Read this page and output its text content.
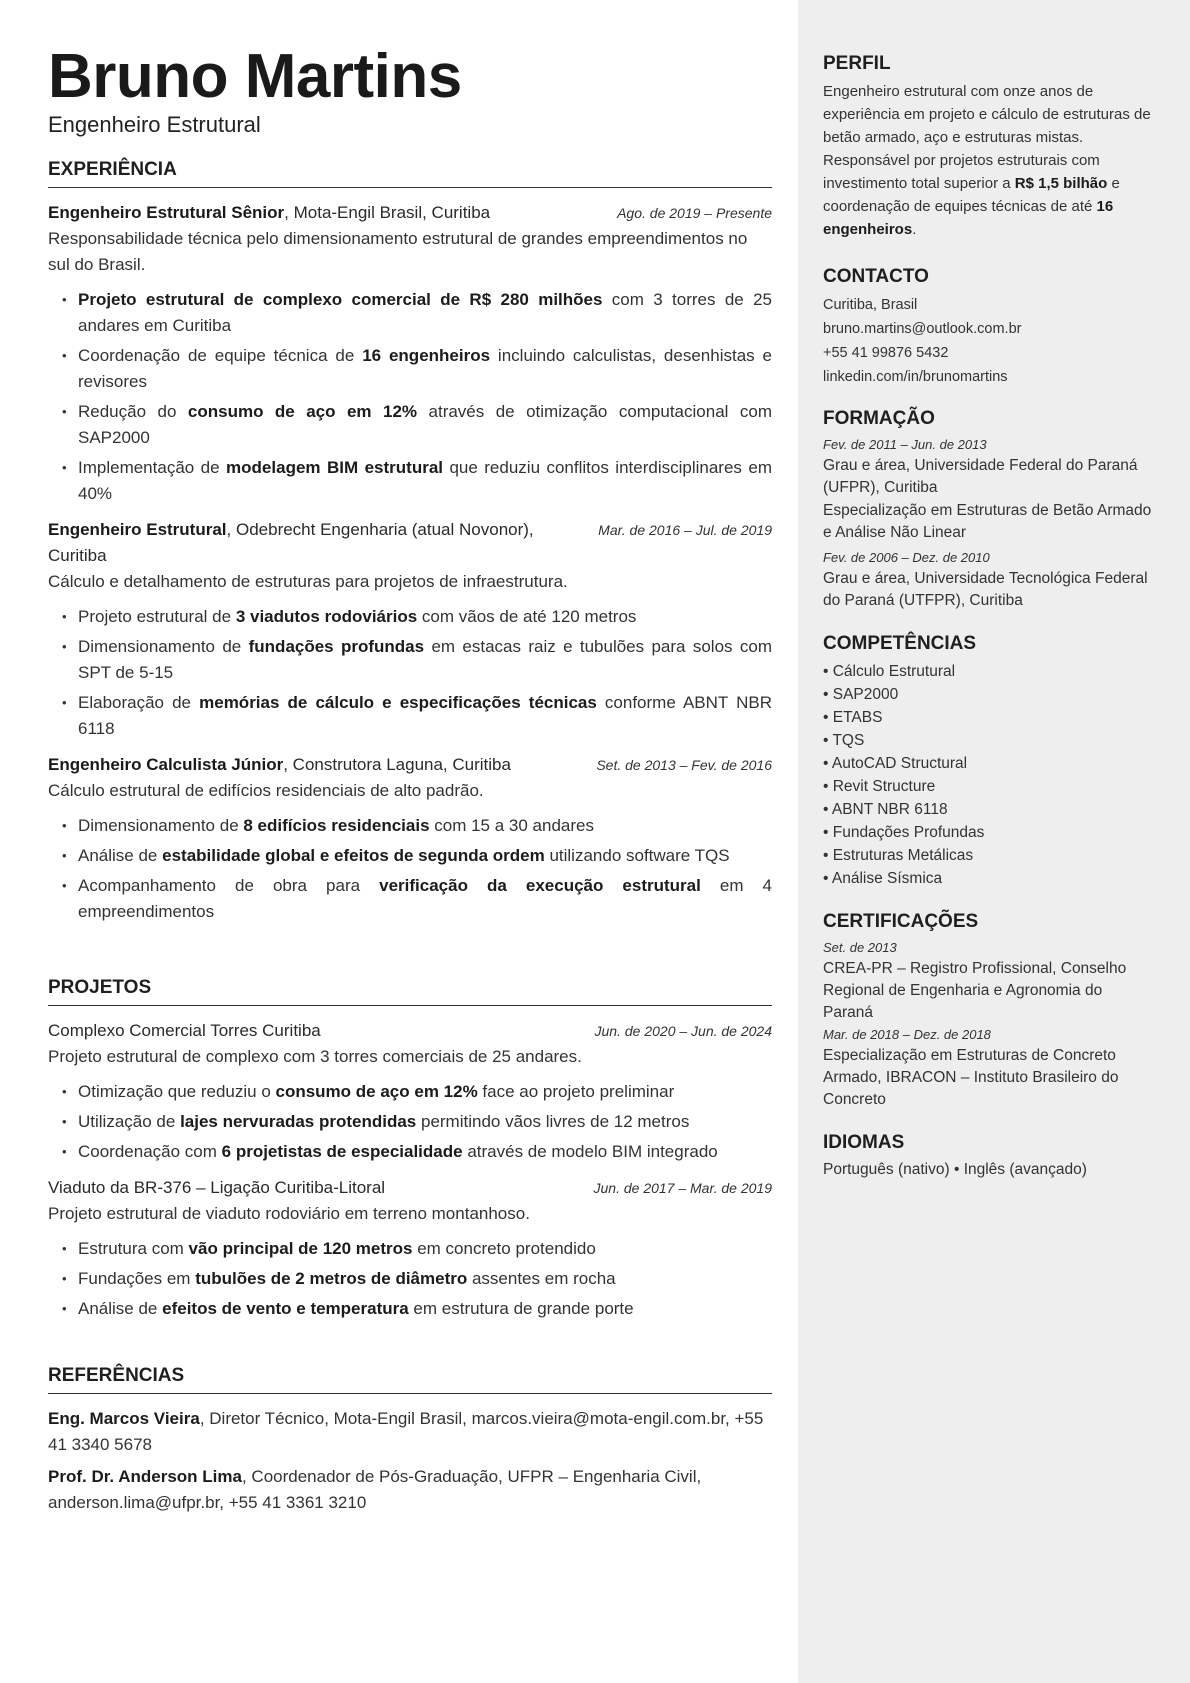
Bruno Martins
Engenheiro Estrutural
EXPERIÊNCIA
Engenheiro Estrutural Sênior, Mota-Engil Brasil, Curitiba	Ago. de 2019 – Presente
Responsabilidade técnica pelo dimensionamento estrutural de grandes empreendimentos no sul do Brasil.
• Projeto estrutural de complexo comercial de R$ 280 milhões com 3 torres de 25 andares em Curitiba
• Coordenação de equipe técnica de 16 engenheiros incluindo calculistas, desenhistas e revisores
• Redução do consumo de aço em 12% através de otimização computacional com SAP2000
• Implementação de modelagem BIM estrutural que reduziu conflitos interdisciplinares em 40%
Engenheiro Estrutural, Odebrecht Engenharia (atual Novonor), Curitiba
Mar. de 2016 – Jul. de 2019
Cálculo e detalhamento de estruturas para projetos de infraestrutura.
• Projeto estrutural de 3 viadutos rodoviários com vãos de até 120 metros
• Dimensionamento de fundações profundas em estacas raiz e tubulões para solos com SPT de 5-15
• Elaboração de memórias de cálculo e especificações técnicas conforme ABNT NBR 6118
Engenheiro Calculista Júnior, Construtora Laguna, Curitiba	Set. de 2013 – Fev. de 2016
Cálculo estrutural de edifícios residenciais de alto padrão.
• Dimensionamento de 8 edifícios residenciais com 15 a 30 andares
• Análise de estabilidade global e efeitos de segunda ordem utilizando software TQS
• Acompanhamento de obra para verificação da execução estrutural em 4 empreendimentos
PROJETOS
Complexo Comercial Torres Curitiba	Jun. de 2020 – Jun. de 2024
Projeto estrutural de complexo com 3 torres comerciais de 25 andares.
• Otimização que reduziu o consumo de aço em 12% face ao projeto preliminar
• Utilização de lajes nervuradas protendidas permitindo vãos livres de 12 metros
• Coordenação com 6 projetistas de especialidade através de modelo BIM integrado
Viaduto da BR-376 – Ligação Curitiba-Litoral	Jun. de 2017 – Mar. de 2019
Projeto estrutural de viaduto rodoviário em terreno montanhoso.
• Estrutura com vão principal de 120 metros em concreto protendido
• Fundações em tubulões de 2 metros de diâmetro assentes em rocha
• Análise de efeitos de vento e temperatura em estrutura de grande porte
REFERÊNCIAS
Eng. Marcos Vieira, Diretor Técnico, Mota-Engil Brasil, marcos.vieira@mota-engil.com.br, +55 41 3340 5678
Prof. Dr. Anderson Lima, Coordenador de Pós-Graduação, UFPR – Engenharia Civil, anderson.lima@ufpr.br, +55 41 3361 3210
PERFIL
Engenheiro estrutural com onze anos de experiência em projeto e cálculo de estruturas de betão armado, aço e estruturas mistas. Responsável por projetos estruturais com investimento total superior a R$ 1,5 bilhão e coordenação de equipes técnicas de até 16 engenheiros.
CONTACTO
Curitiba, Brasil
bruno.martins@outlook.com.br
+55 41 99876 5432
linkedin.com/in/brunomartins
FORMAÇÃO
Fev. de 2011 – Jun. de 2013
Grau e área, Universidade Federal do Paraná (UFPR), Curitiba
Especialização em Estruturas de Betão Armado e Análise Não Linear
Fev. de 2006 – Dez. de 2010
Grau e área, Universidade Tecnológica Federal do Paraná (UTFPR), Curitiba
COMPETÊNCIAS
• Cálculo Estrutural
• SAP2000
• ETABS
• TQS
• AutoCAD Structural
• Revit Structure
• ABNT NBR 6118
• Fundações Profundas
• Estruturas Metálicas
• Análise Sísmica
CERTIFICAÇÕES
Set. de 2013
CREA-PR – Registro Profissional, Conselho Regional de Engenharia e Agronomia do Paraná
Mar. de 2018 – Dez. de 2018
Especialização em Estruturas de Concreto Armado, IBRACON – Instituto Brasileiro do Concreto
IDIOMAS
Português (nativo) • Inglês (avançado)
